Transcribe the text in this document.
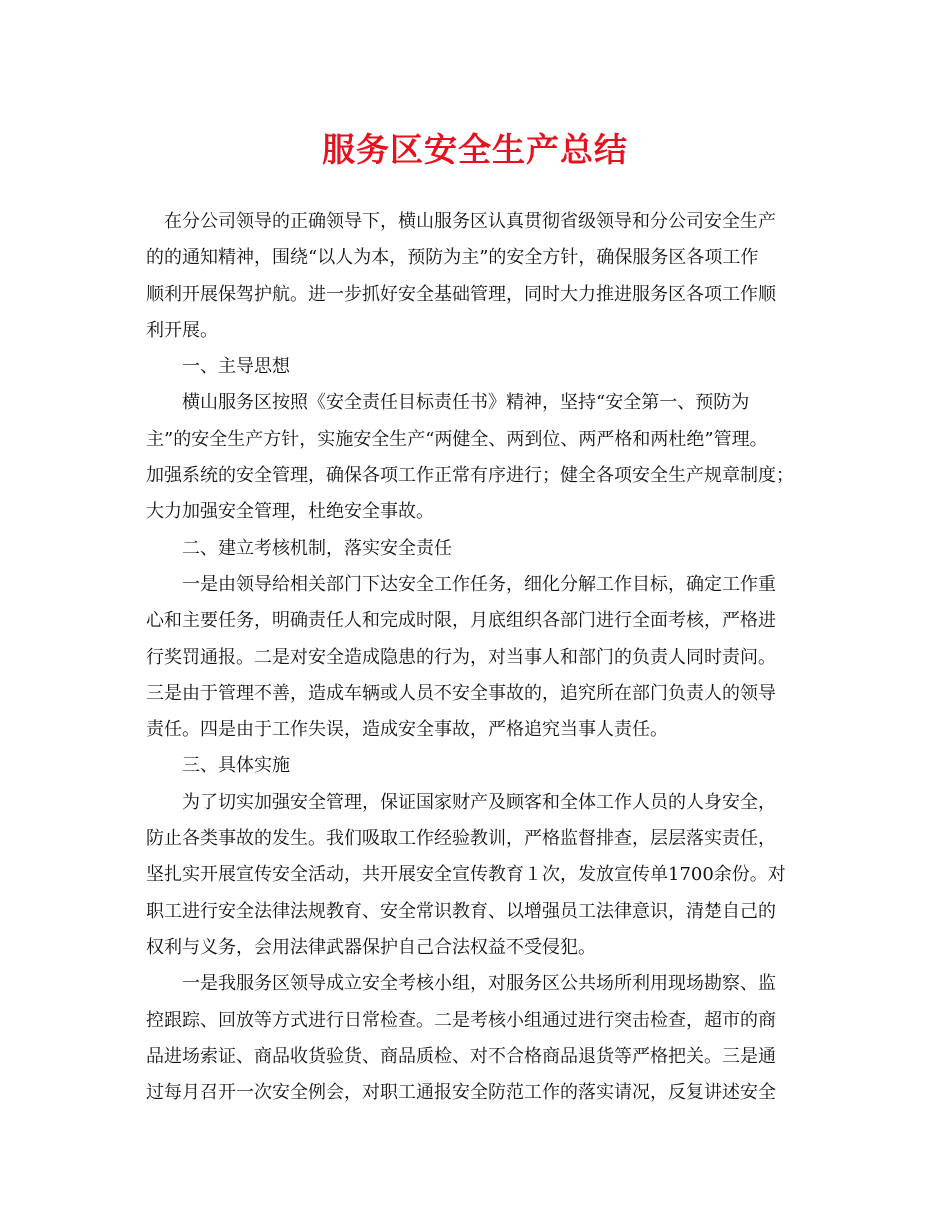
服务区安全生产总结
在分公司领导的正确领导下，横山服务区认真贯彻省级领导和分公司安全生产
的的通知精神，围绕“以人为本，预防为主”的安全方针，确保服务区各项工作
顺利开展保驾护航。进一步抓好安全基础管理，同时大力推进服务区各项工作顺
利开展。
一、主导思想
横山服务区按照《安全责任目标责任书》精神，坚持“安全第一、预防为
主”的安全生产方针，实施安全生产“两健全、两到位、两严格和两杜绝”管理。
加强系统的安全管理，确保各项工作正常有序进行；健全各项安全生产规章制度；
大力加强安全管理，杜绝安全事故。
二、建立考核机制，落实安全责任
一是由领导给相关部门下达安全工作任务，细化分解工作目标，确定工作重
心和主要任务，明确责任人和完成时限，月底组织各部门进行全面考核，严格进
行奖罚通报。二是对安全造成隐患的行为，对当事人和部门的负责人同时责问。
三是由于管理不善，造成车辆或人员不安全事故的，追究所在部门负责人的领导
责任。四是由于工作失误，造成安全事故，严格追究当事人责任。
三、具体实施
为了切实加强安全管理，保证国家财产及顾客和全体工作人员的人身安全，
防止各类事故的发生。我们吸取工作经验教训，严格监督排查，层层落实责任，
坚扎实开展宣传安全活动，共开展安全宣传教育１次，发放宣传单1700余份。对
职工进行安全法律法规教育、安全常识教育、以增强员工法律意识，清楚自己的
权利与义务，会用法律武器保护自己合法权益不受侵犯。
一是我服务区领导成立安全考核小组，对服务区公共场所利用现场勘察、监
控跟踪、回放等方式进行日常检查。二是考核小组通过进行突击检查，超市的商
品进场索证、商品收货验货、商品质检、对不合格商品退货等严格把关。三是通
过每月召开一次安全例会，对职工通报安全防范工作的落实请况，反复讲述安全
